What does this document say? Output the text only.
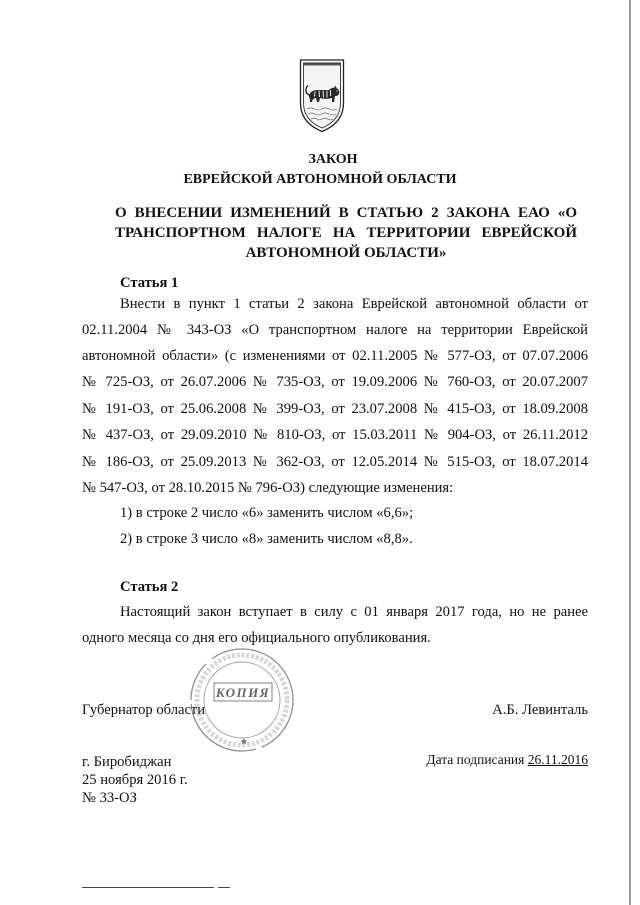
ЗАКОН
ЕВРЕЙСКОЙ АВТОНОМНОЙ ОБЛАСТИ
О ВНЕСЕНИИ ИЗМЕНЕНИЙ В СТАТЬЮ 2 ЗАКОНА ЕАО «О
ТРАНСПОРТНОМ НАЛОГЕ НА ТЕРРИТОРИИ ЕВРЕЙСКОЙ
АВТОНОМНОЙ ОБЛАСТИ»
Статья 1
Внести в пункт 1 статьи 2 закона Еврейской автономной области от
02.11.2004 № 343-ОЗ «О транспортном налоге на территории Еврейской
автономной области» (с изменениями от 02.11.2005 № 577-ОЗ, от 07.07.2006
№ 725-ОЗ, от 26.07.2006 № 735-ОЗ, от 19.09.2006 № 760-ОЗ, от 20.07.2007
№ 191-ОЗ, от 25.06.2008 № 399-ОЗ, от 23.07.2008 № 415-ОЗ, от 18.09.2008
№ 437-ОЗ, от 29.09.2010 № 810-ОЗ, от 15.03.2011 № 904-ОЗ, от 26.11.2012
№ 186-ОЗ, от 25.09.2013 № 362-ОЗ, от 12.05.2014 № 515-ОЗ, от 18.07.2014
№ 547-ОЗ, от 28.10.2015 № 796-ОЗ) следующие изменения:
1) в строке 2 число «6» заменить числом «6,6»;
2) в строке 3 число «8» заменить числом «8,8».
Статья 2
Настоящий закон вступает в силу с 01 января 2017 года, но не ранее
одного месяца со дня его официального опубликования.
Губернатор области	А.Б. Левинталь
КОПИЯ
г. Биробиджан
25 ноября 2016 г.
№ 33-ОЗ
Дата подписания 26.11.2016
